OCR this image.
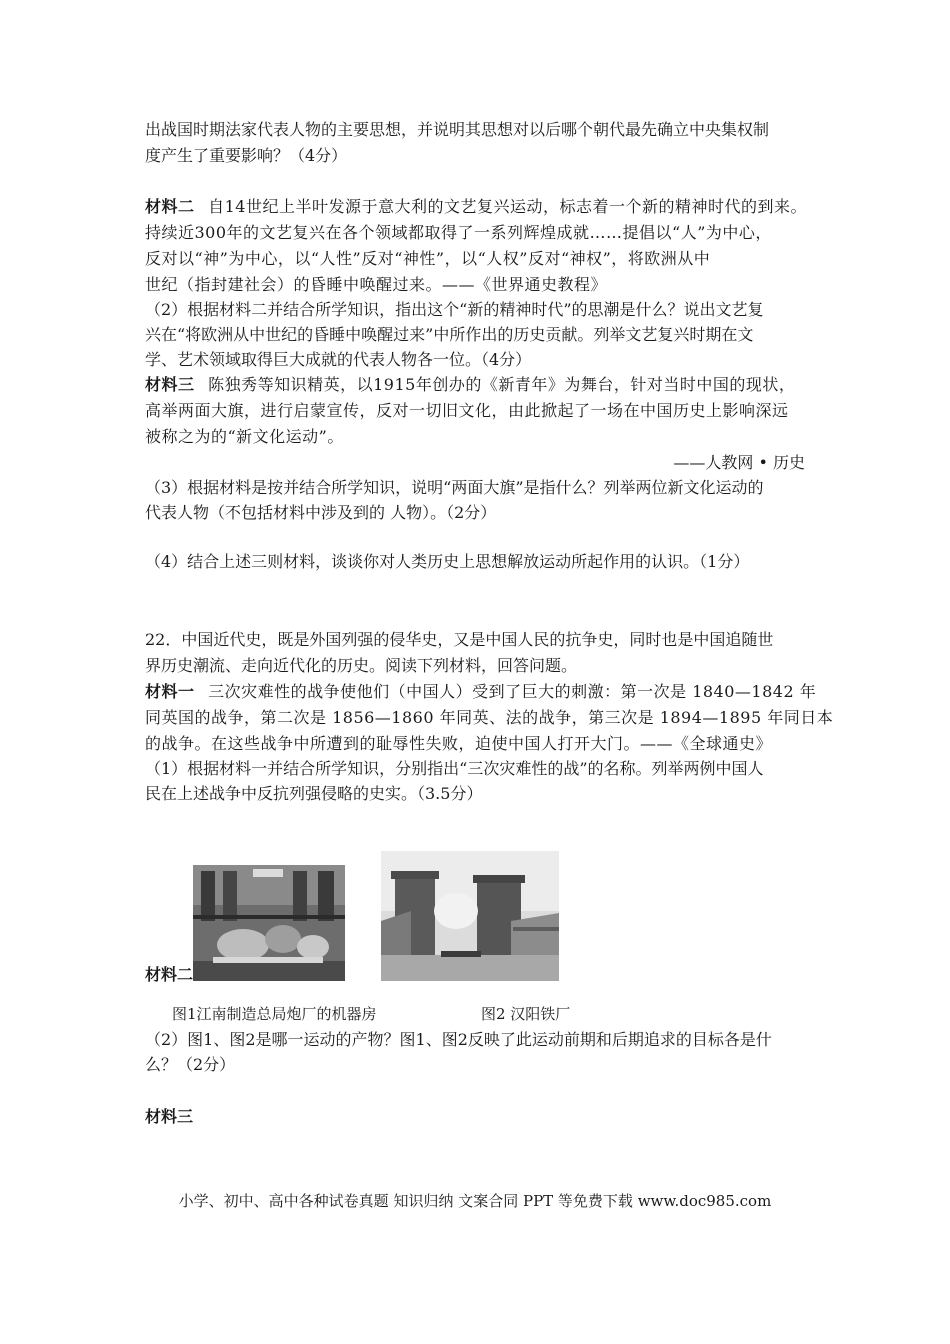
出战国时期法家代表人物的主要思想，并说明其思想对以后哪个朝代最先确立中央集权制
度产生了重要影响？（4分）
材料二 自14世纪上半叶发源于意大利的文艺复兴运动，标志着一个新的精神时代的到来。
持续近300年的文艺复兴在各个领域都取得了一系列辉煌成就……提倡以“人”为中心，
反对以“神”为中心，以“人性”反对“神性”，以“人权”反对“神权”，将欧洲从中
世纪（指封建社会）的昏睡中唤醒过来。——《世界通史教程》
（2）根据材料二并结合所学知识，指出这个“新的精神时代”的思潮是什么？说出文艺复
兴在“将欧洲从中世纪的昏睡中唤醒过来”中所作出的历史贡献。列举文艺复兴时期在文
学、艺术领域取得巨大成就的代表人物各一位。（4分）
材料三 陈独秀等知识精英，以1915年创办的《新青年》为舞台，针对当时中国的现状，
高举两面大旗，进行启蒙宣传，反对一切旧文化，由此掀起了一场在中国历史上影响深远
被称之为的“新文化运动”。
——人教网 • 历史
（3）根据材料是按并结合所学知识，说明“两面大旗”是指什么？列举两位新文化运动的
代表人物（不包括材料中涉及到的 人物）。（2分）
（4）结合上述三则材料，谈谈你对人类历史上思想解放运动所起作用的认识。（1分）
22．中国近代史，既是外国列强的侵华史，又是中国人民的抗争史，同时也是中国追随世
界历史潮流、走向近代化的历史。阅读下列材料，回答问题。
材料一 三次灾难性的战争使他们（中国人）受到了巨大的刺激：第一次是 1840—1842 年
同英国的战争，第二次是 1856—1860 年同英、法的战争，第三次是 1894—1895 年同日本
的战争。在这些战争中所遭到的耻辱性失败，迫使中国人打开大门。——《全球通史》
（1）根据材料一并结合所学知识，分别指出“三次灾难性的战”的名称。列举两例中国人
民在上述战争中反抗列强侵略的史实。（3.5分）
材料二
图1江南制造总局炮厂的机器房	图2 汉阳铁厂
（2）图1、图2是哪一运动的产物？图1、图2反映了此运动前期和后期追求的目标各是什
么？（2分）
材料三
小学、初中、高中各种试卷真题 知识归纳 文案合同 PPT 等免费下载 www.doc985.com
